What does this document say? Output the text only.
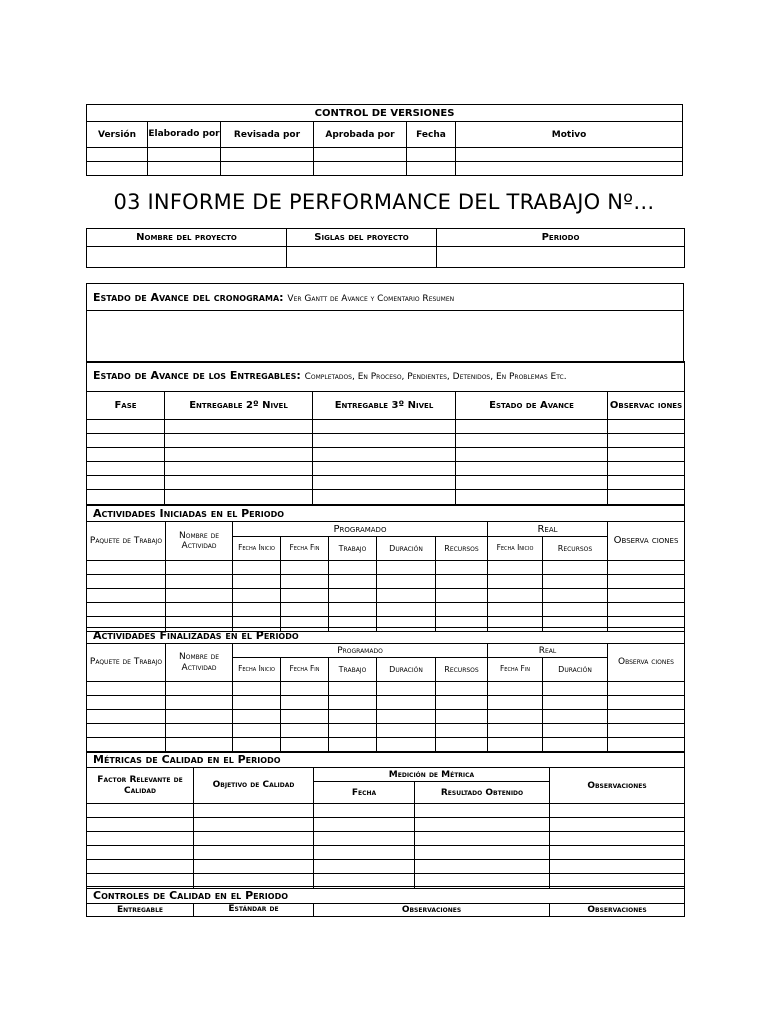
CONTROL DE VERSIONES					
Versión	Elaborado por	Revisada por	Aprobada por	Fecha	Motivo

03 INFORME DE PERFORMANCE DEL TRABAJO Nº…
Nombre del proyecto	Siglas del proyecto	Periodo

Estado de Avance del cronograma: Ver Gantt de Avance y Comentario Resumen

Estado de Avance de los Entregables: Completados, En Proceso, Pendientes, Detenidos, En Problemas Etc.				
Fase	Entregable 2º Nivel	Entregable 3º Nivel	Estado de Avance	Observac iones

Actividades Iniciadas en el Periodo									
Paquete de Trabajo	Nombre de Actividad	Programado					Real		Observa ciones
		Fecha Inicio	Fecha Fin	Trabajo	Duración	Recursos	Fecha Inicio	Recursos	

Actividades Finalizadas en el Periodo									
Paquete de Trabajo	Nombre de Actividad	Programado					Real		Observa ciones
		Fecha Inicio	Fecha Fin	Trabajo	Duración	Recursos	Fecha Fin	Duración	

Métricas de Calidad en el Periodo				
Factor Relevante de Calidad	Objetivo de Calidad	Medición de Métrica		Observaciones
		Fecha	Resultado Obtenido	

Controles de Calidad en el Periodo
Entregable	Estándar de	Observaciones	Observaciones
